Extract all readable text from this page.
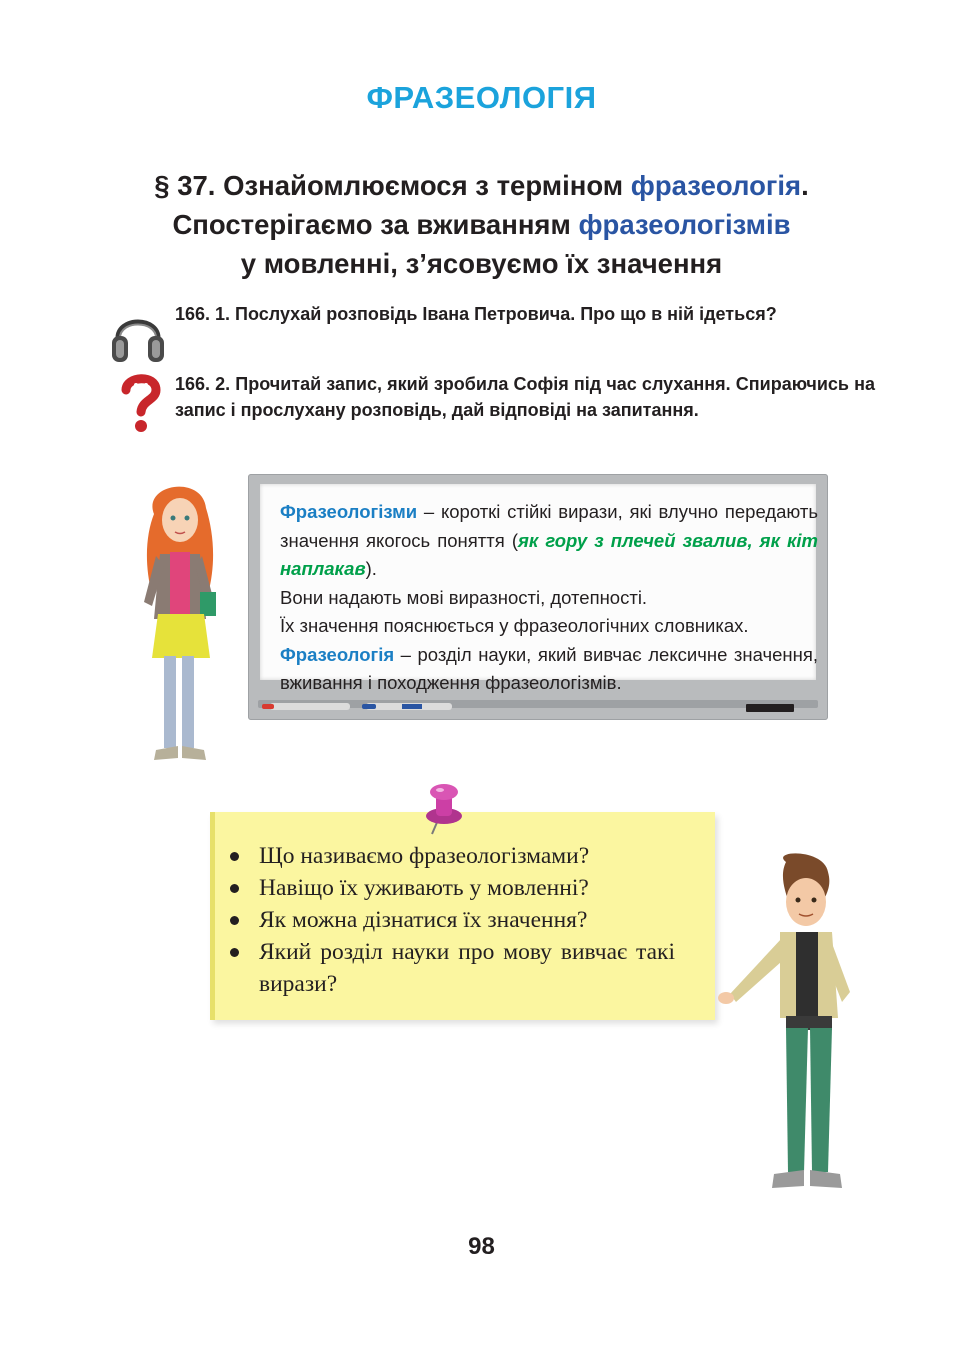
ФРАЗЕОЛОГІЯ
§ 37. Ознайомлюємося з терміном фразеологія.
Спостерігаємо за вживанням фразеологізмів
у мовленні, з’ясовуємо їх значення
166. 1. Послухай розповідь Івана Петровича. Про що в ній ідеться?
166. 2. Прочитай запис, який зробила Софія під час слухання. Спираючись на запис і прослухану розповідь, дай відповіді на запитання.
Фразеологізми – короткі стійкі вирази, які влучно передають значення якогось поняття (як гору з плечей звалив, як кіт наплакав).
Вони надають мові виразності, дотепності.
Їх значення пояснюється у фразеологічних словниках.
Фразеологія – розділ науки, який вивчає лексичне значення, вживання і походження фразеологізмів.
Що називаємо фразеологізмами?
Навіщо їх уживають у мовленні?
Як можна дізнатися їх значення?
Який розділ науки про мову вивчає такі вирази?
98
